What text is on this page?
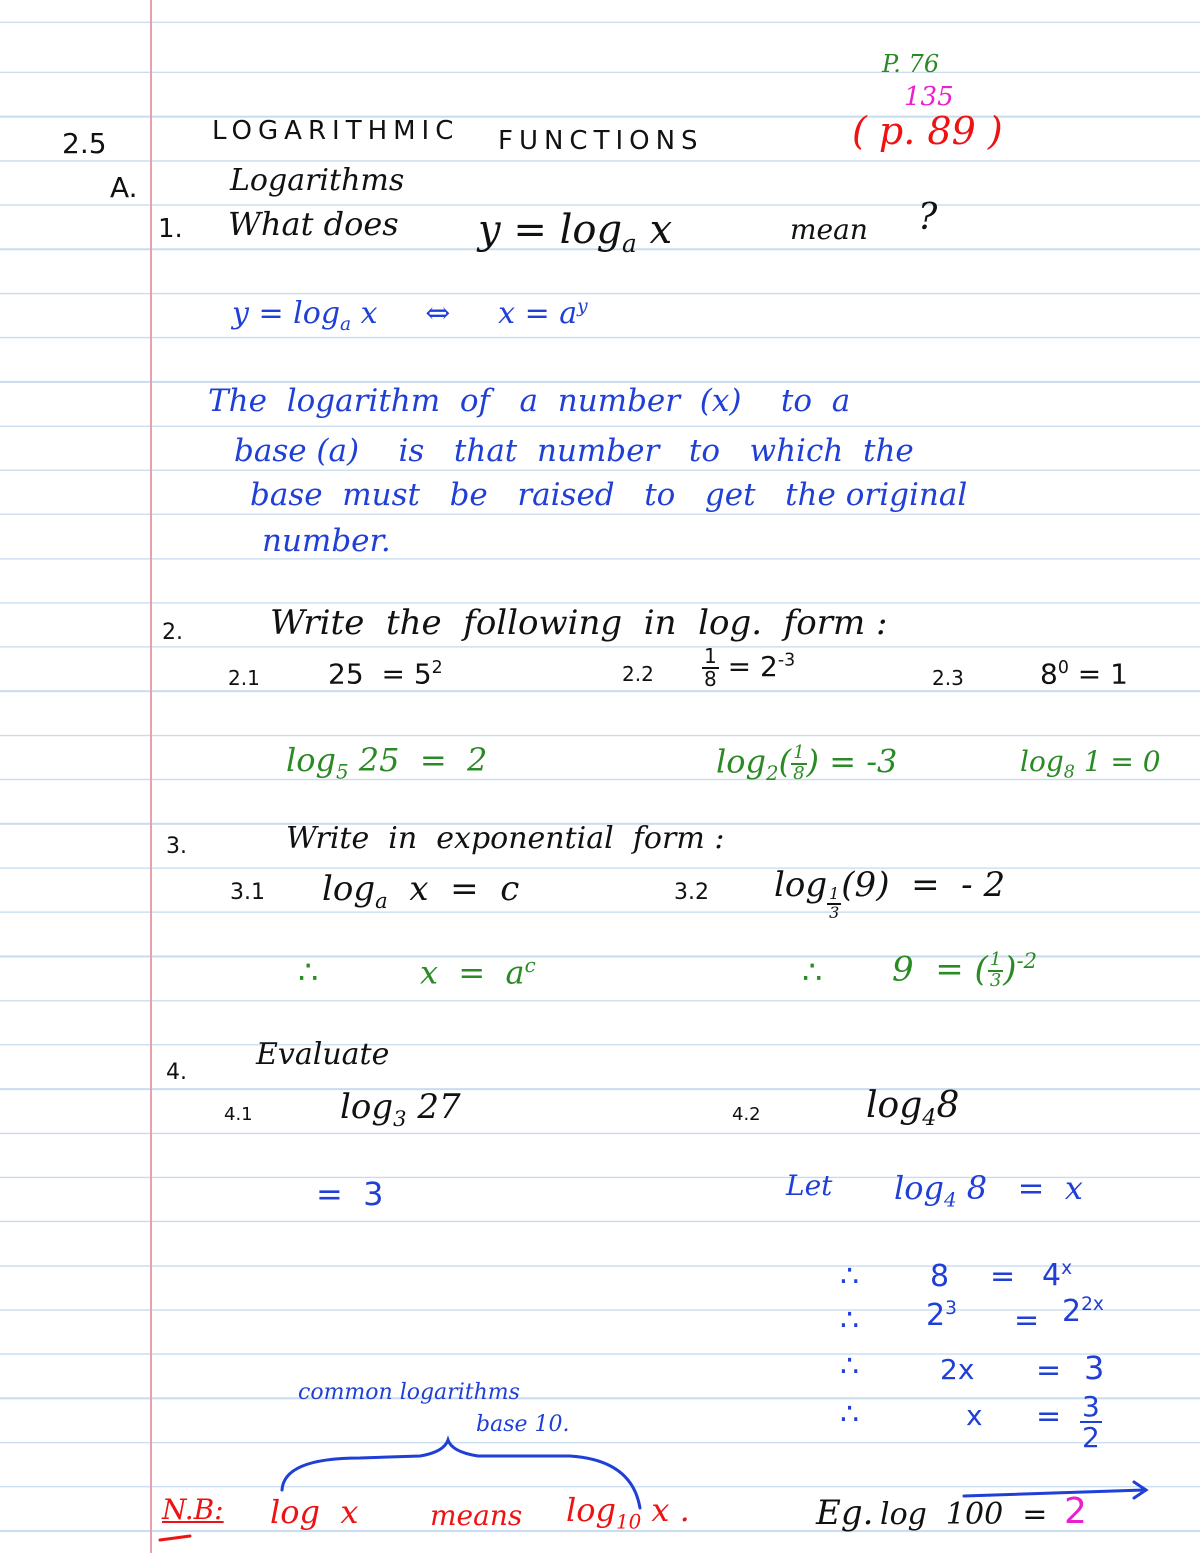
P. 76
135
( p. 89 )
2.5	LOGARITHMIC FUNCTIONS
A.	Logarithms
1. What does $y = \log_a x$	mean ?
$y = \log_a x$ ⇔ $x = a^y$
The  logarithm  of   a  number  (x)    to  a
base (a)    is   that  number   to   which  the
base  must   be   raised   to   get   the original
number.
2.	Write  the  following  in  log.  form :
2.1 $25 = 5^2$	$2.2 \frac{1}{8} = 2^{-3}$
2.3	$8^0 = 1$
$\log_5 25 = 2$	$\log_2( \frac{1}{8}$ ) = -3	$\log_8 1 = 0$
3.	Write  in  exponential  form :
3.1 $\log_a x = c$	3.2 $\log \frac{1}{3} (9)$  =  - 2
∴	$x = a^c$	∴ 9  = ( $\frac{1}{3} )^{-2}$
4.
Evaluate
4.1	$\log_3 27$	4.2	$\log_48$
=  3	Let $\log_4 8 = x$
∴ $8 = 4^x$
∴ $2^3 = 2^{2x}$
∴	2x = 3
∴	$x = \frac{3}{2}$
common logarithms
base 10.
N.B: log  x	means $\log_{10} x$ .	Eg. log  100  = 2
